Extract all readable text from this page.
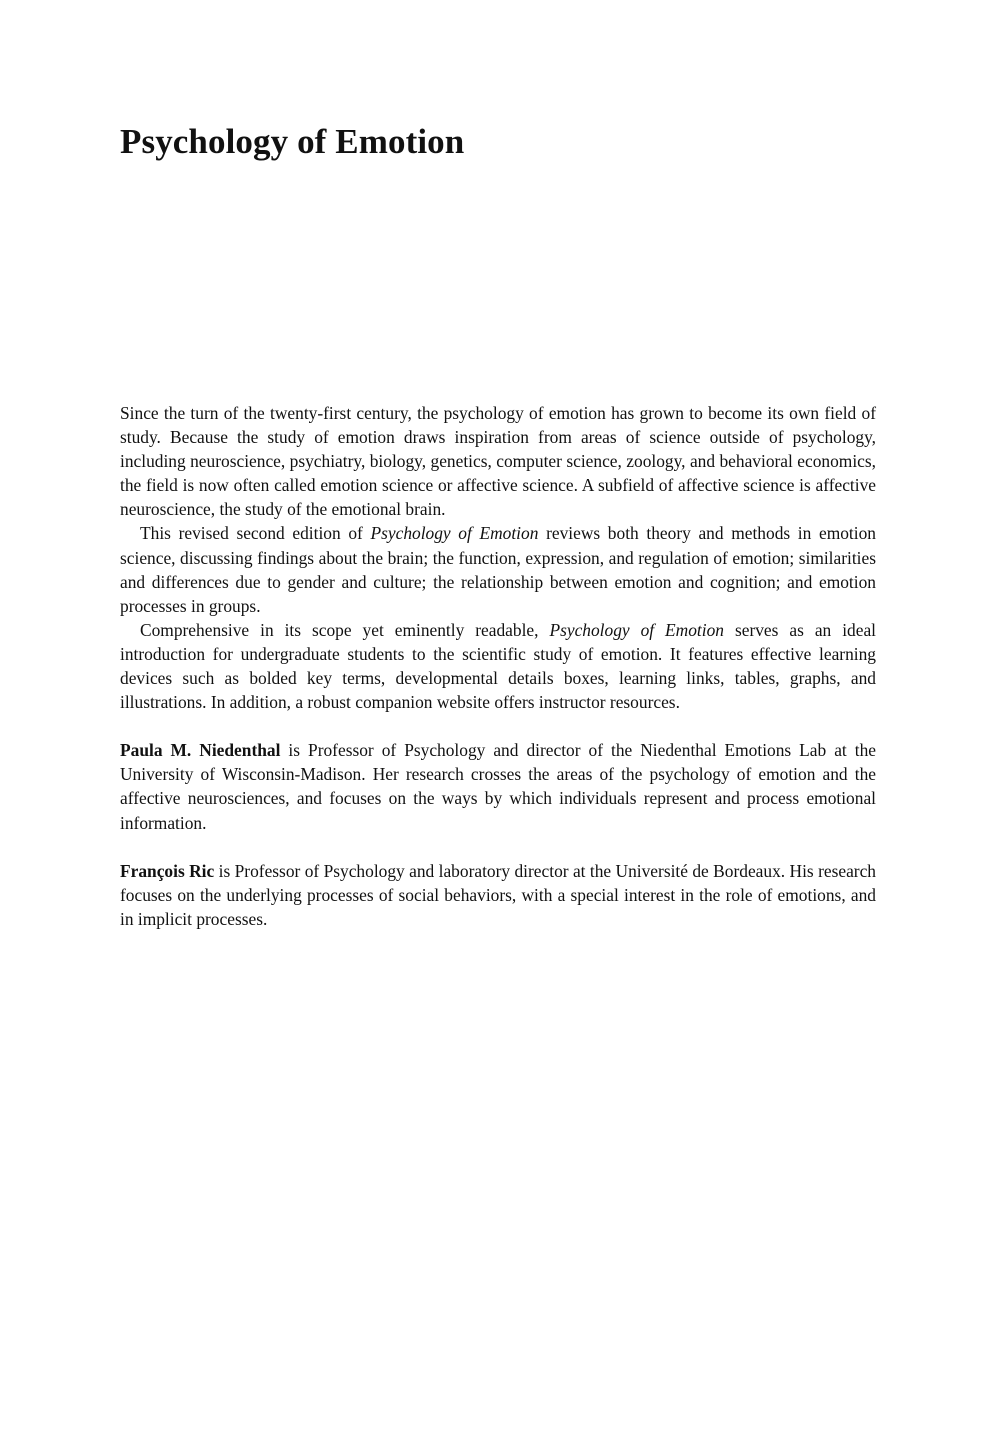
Psychology of Emotion

Since the turn of the twenty-first century, the psychology of emotion has grown to become its own field of study. Because the study of emotion draws inspiration from areas of science outside of psychology, including neuroscience, psychiatry, biology, genetics, computer science, zoology, and behavioral economics, the field is now often called emotion science or affective science. A subfield of affective science is affective neuroscience, the study of the emotional brain.

This revised second edition of Psychology of Emotion reviews both theory and methods in emotion science, discussing findings about the brain; the function, expression, and regulation of emotion; similarities and differences due to gender and culture; the relationship between emotion and cognition; and emotion processes in groups.

Comprehensive in its scope yet eminently readable, Psychology of Emotion serves as an ideal introduction for undergraduate students to the scientific study of emotion. It features effective learning devices such as bolded key terms, developmental details boxes, learning links, tables, graphs, and illustrations. In addition, a robust companion website offers instructor resources.

Paula M. Niedenthal is Professor of Psychology and director of the Niedenthal Emotions Lab at the University of Wisconsin-Madison. Her research crosses the areas of the psychology of emotion and the affective neurosciences, and focuses on the ways by which individuals represent and process emotional information.

François Ric is Professor of Psychology and laboratory director at the Université de Bordeaux. His research focuses on the underlying processes of social behaviors, with a special interest in the role of emotions, and in implicit processes.
